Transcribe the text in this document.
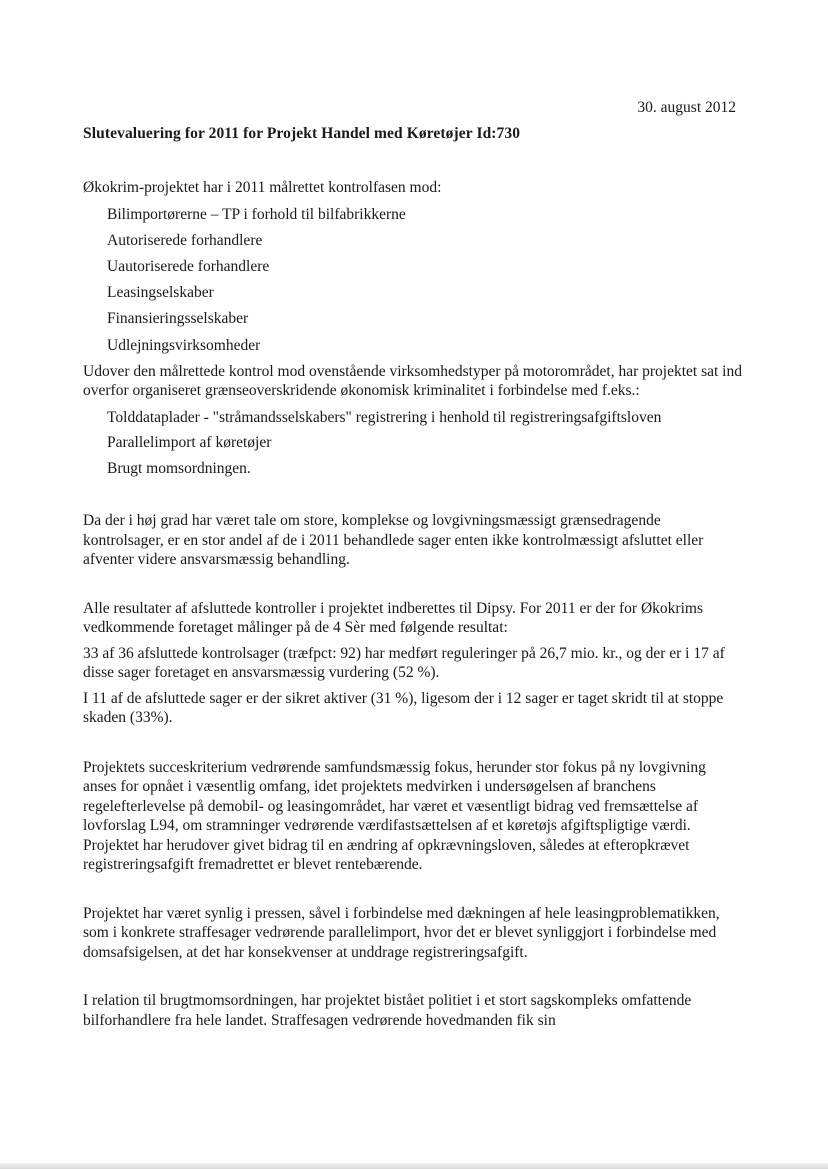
30. august 2012
Slutevaluering for 2011 for Projekt Handel med Køretøjer Id:730

Økokrim-projektet har i 2011 målrettet kontrolfasen mod:

Bilimportørerne – TP i forhold til bilfabrikkerne
Autoriserede forhandlere
Uautoriserede forhandlere
Leasingselskaber
Finansieringsselskaber
Udlejningsvirksomheder

Udover den målrettede kontrol mod ovenstående virksomhedstyper på motorområdet, har projektet sat ind overfor organiseret grænseoverskridende økonomisk kriminalitet i forbindelse med f.eks.:

Tolddataplader - "stråmandsselskabers" registrering i henhold til registreringsafgiftsloven
Parallelimport af køretøjer
Brugt momsordningen.

Da der i høj grad har været tale om store, komplekse og lovgivningsmæssigt grænsedragende kontrolsager, er en stor andel af de i 2011 behandlede sager enten ikke kontrolmæssigt afsluttet eller afventer videre ansvarsmæssig behandling.

Alle resultater af afsluttede kontroller i projektet indberettes til Dipsy. For 2011 er der for Økokrims vedkommende foretaget målinger på de 4 Sèr med følgende resultat:

33 af 36 afsluttede kontrolsager (træfpct: 92) har medført reguleringer på 26,7 mio. kr., og der er i 17 af disse sager foretaget en ansvarsmæssig vurdering (52 %).

I 11 af de afsluttede sager er der sikret aktiver (31 %), ligesom der i 12 sager er taget skridt til at stoppe skaden (33%).

Projektets succeskriterium vedrørende samfundsmæssig fokus, herunder stor fokus på ny lovgivning anses for opnået i væsentlig omfang, idet projektets medvirken i undersøgelsen af branchens regelefterlevelse på demobil- og leasingområdet, har været et væsentligt bidrag ved fremsættelse af lovforslag L94, om stramninger vedrørende værdifastsættelsen af et køretøjs afgiftspligtige værdi. Projektet har herudover givet bidrag til en ændring af opkrævningsloven, således at efteropkrævet registreringsafgift fremadrettet er blevet rentebærende.

Projektet har været synlig i pressen, såvel i forbindelse med dækningen af hele leasingproblematikken, som i konkrete straffesager vedrørende parallelimport, hvor det er blevet synliggjort i forbindelse med domsafsigelsen, at det har konsekvenser at unddrage registreringsafgift.

I relation til brugtmomsordningen, har projektet bistået politiet i et stort sagskompleks omfattende bilforhandlere fra hele landet. Straffesagen vedrørende hovedmanden fik sin
